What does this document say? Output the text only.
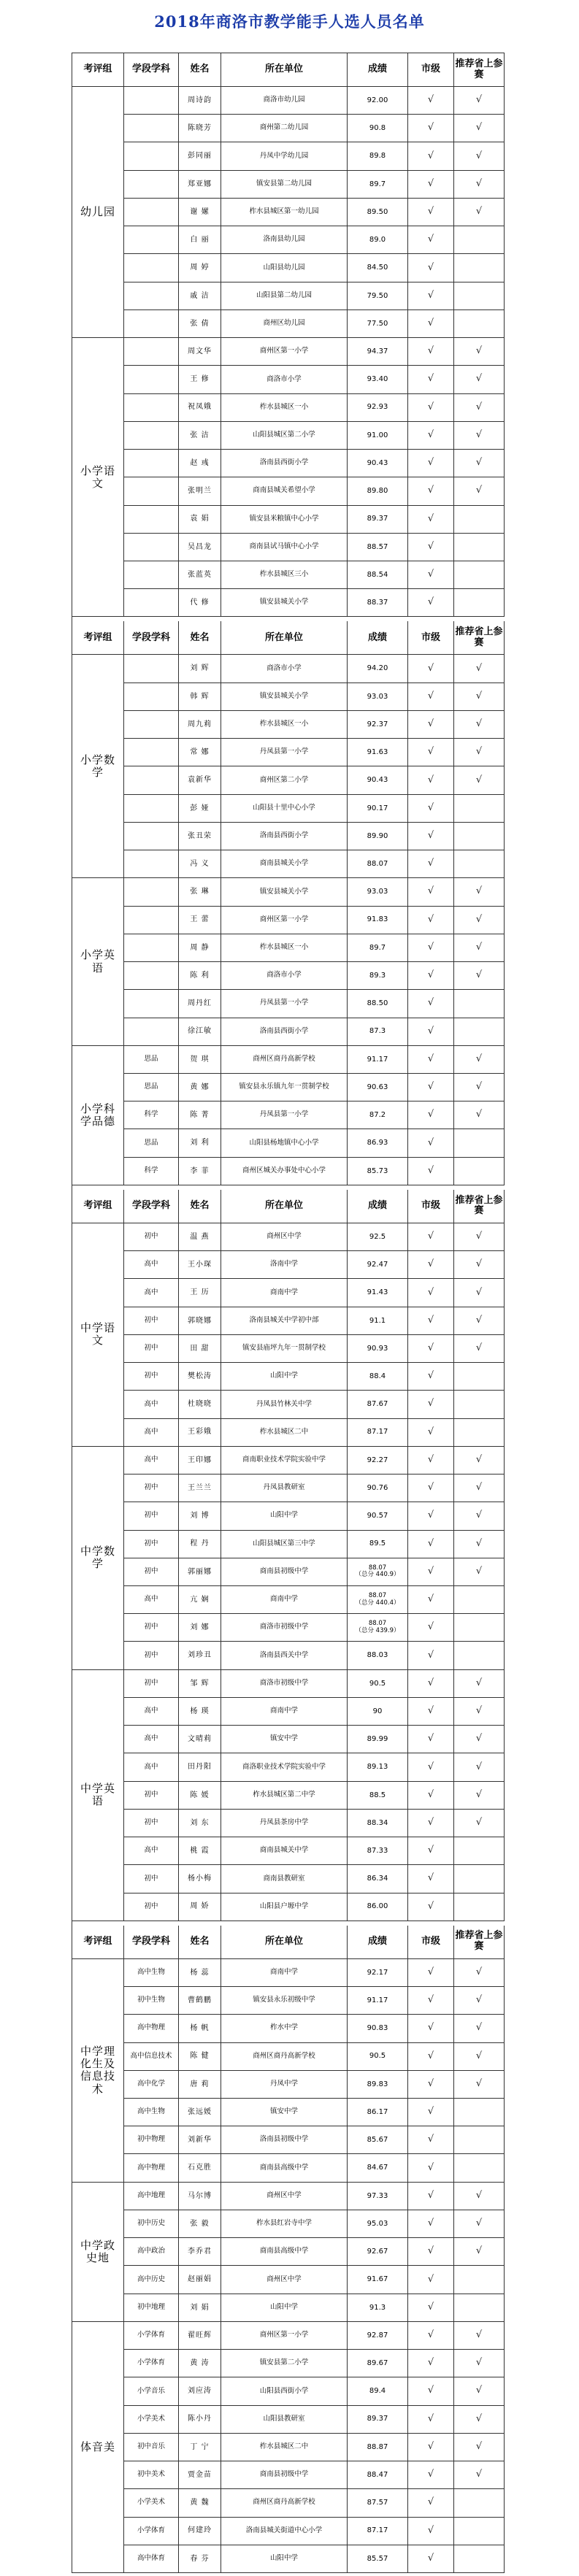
2018年商洛市教学能手人选人员名单
考评组	学段学科	姓名	所在单位	成绩	市级	推荐省上参赛
幼儿园
周诗韵	商洛市幼儿园	92.00	√	√
陈晓芳	商州第二幼儿园	90.8	√	√
彭同丽	丹凤中学幼儿园	89.8	√	√
郑亚娜	镇安县第二幼儿园	89.7	√	√
谢 嫘	柞水县城区第一幼儿园	89.50	√	√
白 丽	洛南县幼儿园	89.0	√
周 婷	山阳县幼儿园	84.50	√
戚 洁	山阳县第二幼儿园	79.50	√
张 倩	商州区幼儿园	77.50	√
小学语文
周文华	商州区第一小学	94.37	√	√
王 修	商洛市小学	93.40	√	√
祝凤娥	柞水县城区一小	92.93	√	√
张 洁	山阳县城区第二小学	91.00	√	√
赵 彧	洛南县西街小学	90.43	√	√
张明兰	商南县城关希望小学	89.80	√	√
袁 娟	镇安县米粮镇中心小学	89.37	√
吴昌龙	商南县试马镇中心小学	88.57	√
张蓝英	柞水县城区三小	88.54	√
代 修	镇安县城关小学	88.37	√
考评组	学段学科	姓名	所在单位	成绩	市级	推荐省上参赛
小学数学
刘 辉	商洛市小学	94.20	√	√
韩 辉	镇安县城关小学	93.03	√	√
周九莉	柞水县城区一小	92.37	√	√
常 娜	丹凤县第一小学	91.63	√	√
袁新华	商州区第二小学	90.43	√	√
彭 娅	山阳县十里中心小学	90.17	√
张丑荣	洛南县西街小学	89.90	√
冯 义	商南县城关小学	88.07	√
小学英语
张 琳	镇安县城关小学	93.03	√	√
王 蕾	商州区第一小学	91.83	√	√
周 静	柞水县城区一小	89.7	√	√
陈 利	商洛市小学	89.3	√	√
周丹红	丹凤县第一小学	88.50	√
徐江敏	洛南县西街小学	87.3	√
小学科学品德
思品	贺 琪	商州区商丹高新学校	91.17	√	√
思品	黄 娜	镇安县永乐镇九年一贯制学校	90.63	√	√
科学	陈 菁	丹凤县第一小学	87.2	√	√
思品	刘 利	山阳县杨地镇中心小学	86.93	√
科学	李 菲	商州区城关办事处中心小学	85.73	√
考评组	学段学科	姓名	所在单位	成绩	市级	推荐省上参赛
中学语文
初中	温 燕	商州区中学	92.5	√	√
高中	王小琛	洛南中学	92.47	√	√
高中	王 历	商南中学	91.43	√	√
初中	郭晓娜	洛南县城关中学初中部	91.1	√	√
初中	田 甜	镇安县庙坪九年一贯制学校	90.93	√	√
初中	樊松涛	山阳中学	88.4	√
高中	杜晓晓	丹凤县竹林关中学	87.67	√
高中	王彩娥	柞水县城区二中	87.17	√
中学数学
高中	王印娜	商南职业技术学院实验中学	92.27	√	√
初中	王兰兰	丹凤县教研室	90.76	√	√
初中	刘 博	山阳中学	90.57	√	√
初中	程 丹	山阳县城区第三中学	89.5	√	√
初中	郭丽娜	商南县初级中学	88.07
（总分 440.9）	√	√
高中	亢 娴	商南中学	88.07
（总分 440.4）	√
初中	刘 娜	商洛市初级中学	88.07
（总分 439.9）	√
初中	刘珍丑	洛南县西关中学	88.03	√
中学英语
初中	邹 辉	商洛市初级中学	90.5	√	√
高中	杨 瑛	商南中学	90	√	√
高中	文晴莉	镇安中学	89.99	√	√
高中	田丹阳	商洛职业技术学院实验中学	89.13	√	√
初中	陈 媛	柞水县城区第二中学	88.5	√	√
初中	刘 东	丹凤县茶房中学	88.34	√	√
高中	桃 霞	商南县城关中学	87.33	√
初中	杨小梅	商南县教研室	86.34	√
初中	周 娇	山阳县户塬中学	86.00	√
考评组	学段学科	姓名	所在单位	成绩	市级	推荐省上参赛
中学理化生及信息技术
高中生物	杨 蕊	商南中学	92.17	√	√
初中生物	曹鹤鹏	镇安县永乐初级中学	91.17	√	√
高中物理	杨 帆	柞水中学	90.83	√	√
高中信息技术	陈 健	商州区商丹高新学校	90.5	√	√
高中化学	唐 莉	丹凤中学	89.83	√	√
高中生物	张远媛	镇安中学	86.17	√
初中物理	刘新华	洛南县初级中学	85.67	√
高中物理	石克胜	商南县高级中学	84.67	√
中学政史地
高中地理	马尔博	商州区中学	97.33	√	√
初中历史	张 毅	柞水县红岩寺中学	95.03	√	√
高中政治	李乔君	商南县高级中学	92.67	√	√
高中历史	赵丽娟	商州区中学	91.67	√
初中地理	刘 娟	山阳中学	91.3	√
体音美
小学体育	翟旺辉	商州区第一小学	92.87	√	√
小学体育	黄 涛	镇安县第二小学	89.67	√	√
小学音乐	刘应涛	山阳县西街小学	89.4	√	√
小学美术	陈小丹	山阳县教研室	89.37	√	√
初中音乐	丁 宁	柞水县城区二中	88.87	√	√
初中美术	贾金苗	商南县初级中学	88.47	√	√
小学美术	黄 魏	商州区商丹高新学校	87.57	√
小学体育	何建玲	洛南县城关街道中心小学	87.17	√
高中体育	春 芬	山阳中学	85.57	√
